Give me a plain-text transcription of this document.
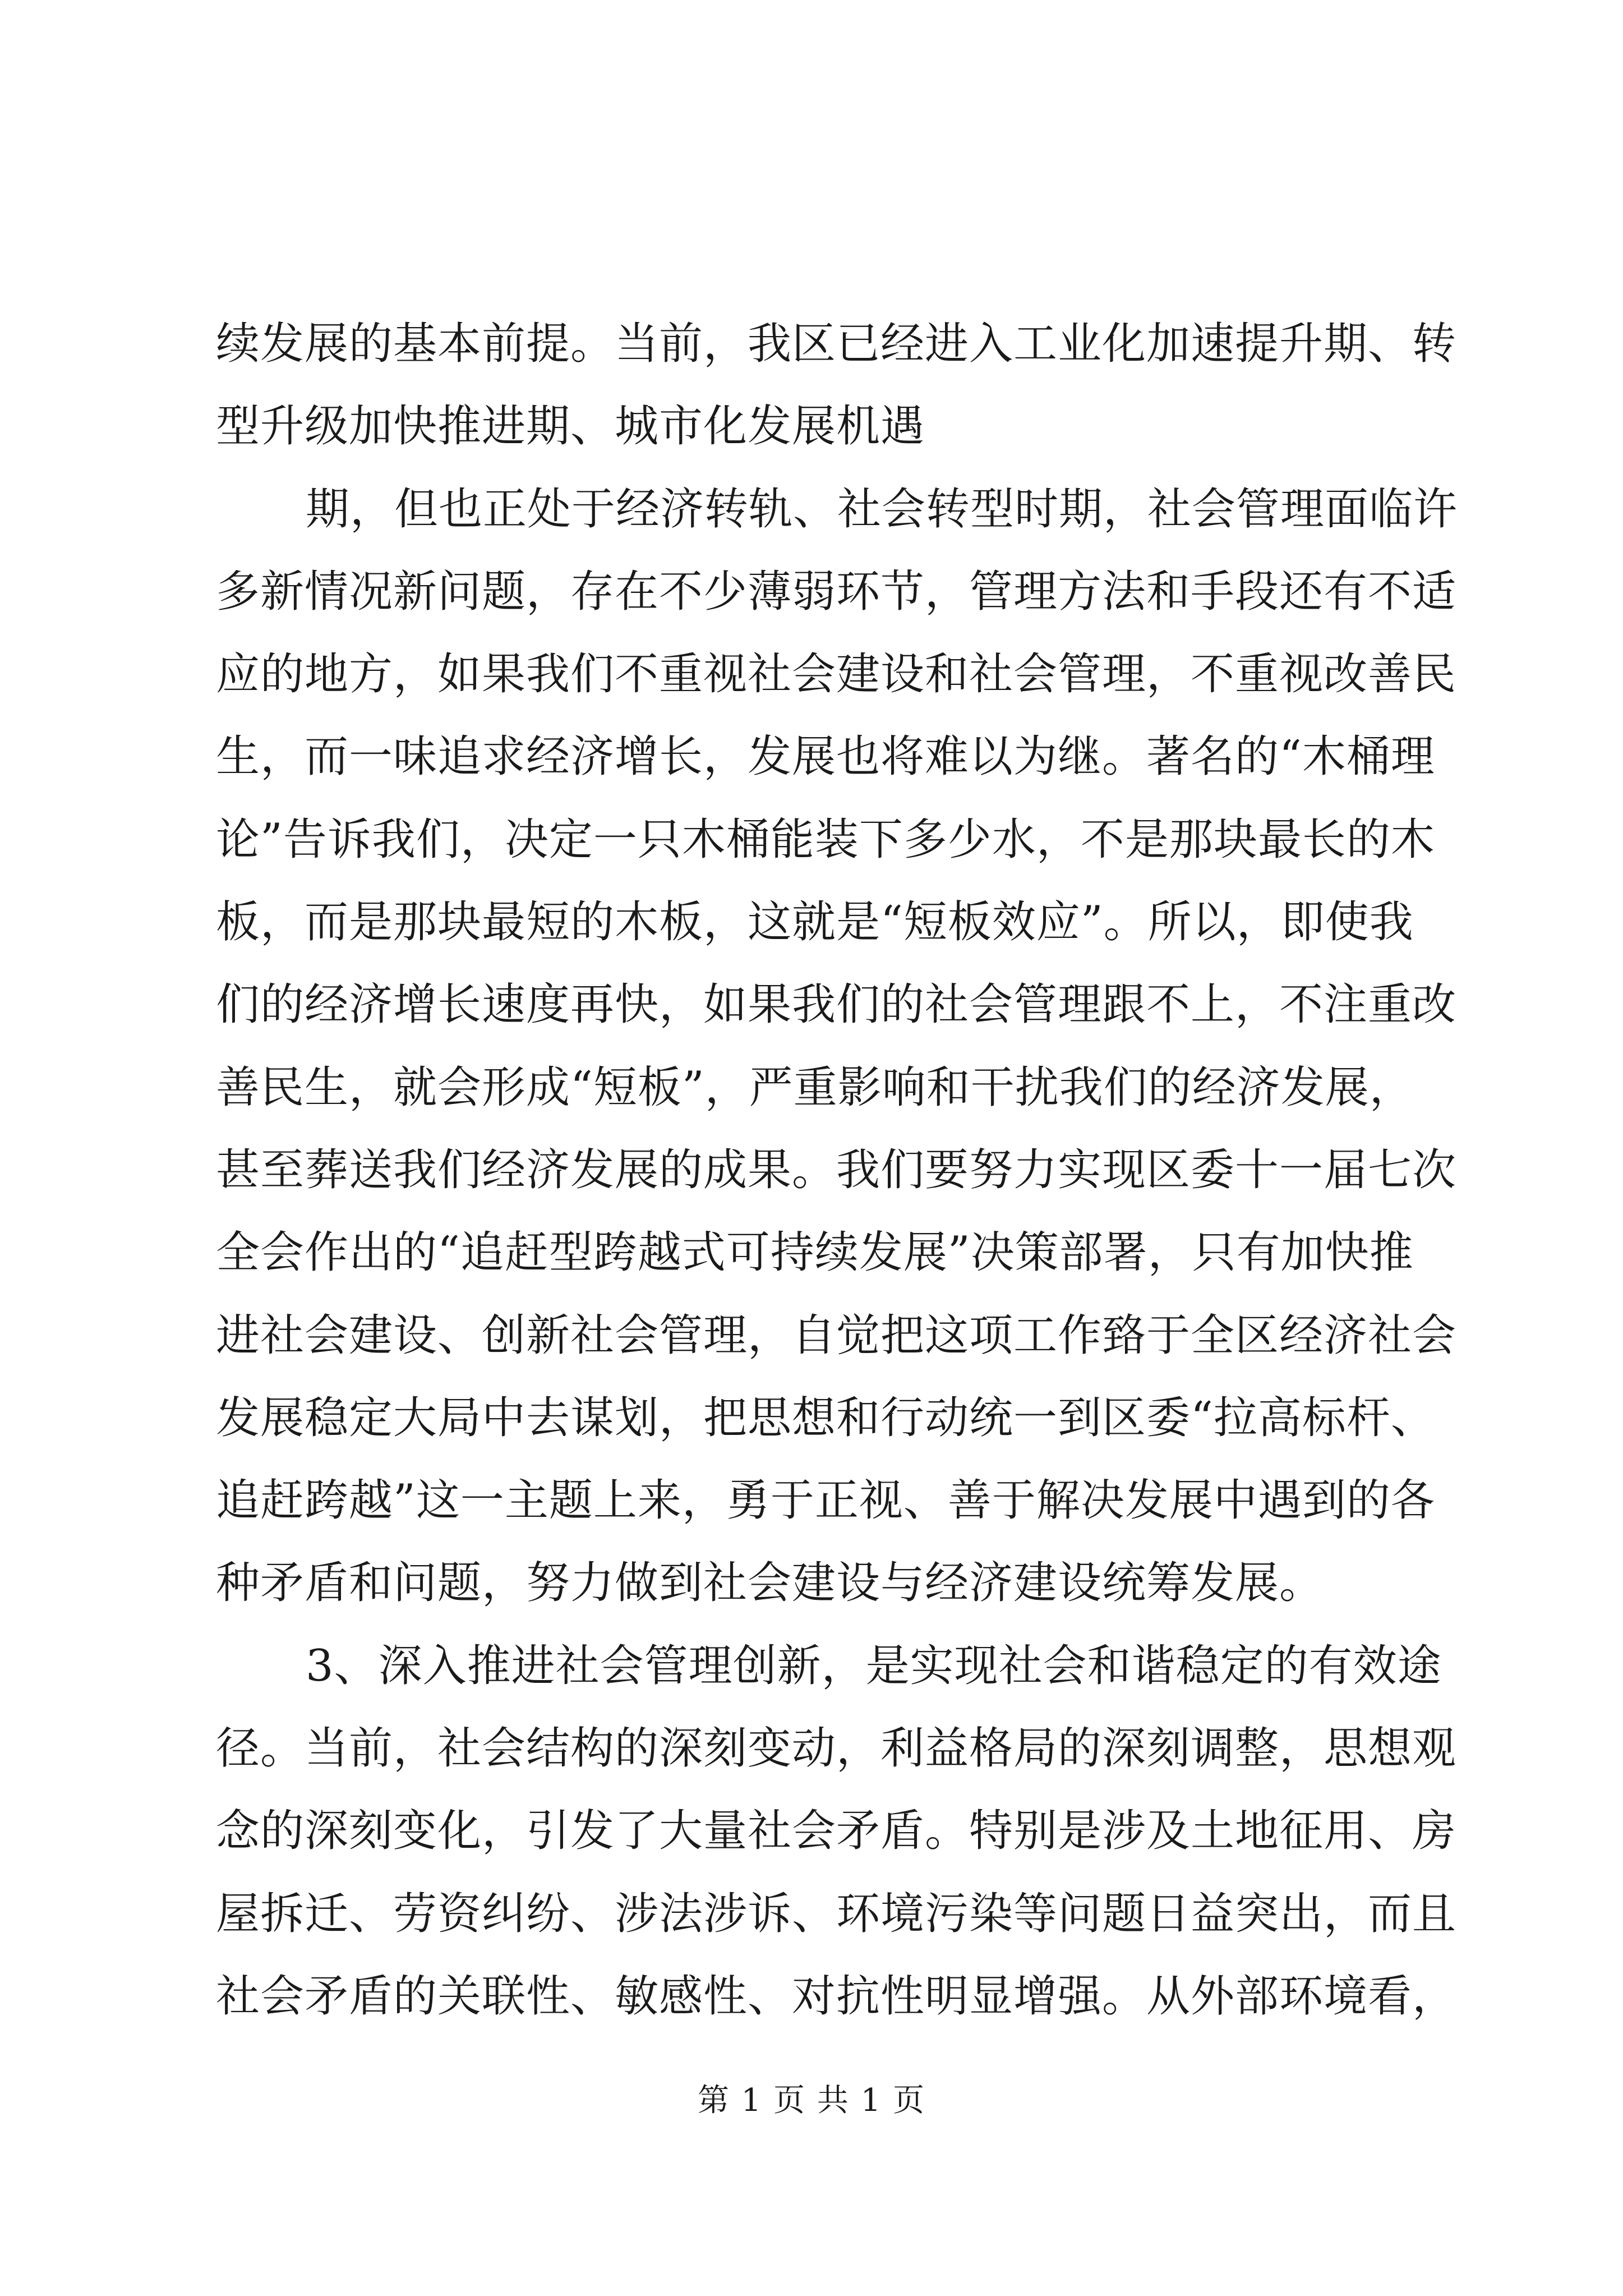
续发展的基本前提。当前，我区已经进入工业化加速提升期、转
型升级加快推进期、城市化发展机遇
期，但也正处于经济转轨、社会转型时期，社会管理面临许
多新情况新问题，存在不少薄弱环节，管理方法和手段还有不适
应的地方，如果我们不重视社会建设和社会管理，不重视改善民
生，而一味追求经济增长，发展也将难以为继。著名的“木桶理
论”告诉我们，决定一只木桶能装下多少水，不是那块最长的木
板，而是那块最短的木板，这就是“短板效应”。所以，即使我
们的经济增长速度再快，如果我们的社会管理跟不上，不注重改
善民生，就会形成“短板”，严重影响和干扰我们的经济发展，
甚至葬送我们经济发展的成果。我们要努力实现区委十一届七次
全会作出的“追赶型跨越式可持续发展”决策部署，只有加快推
进社会建设、创新社会管理，自觉把这项工作臵于全区经济社会
发展稳定大局中去谋划，把思想和行动统一到区委“拉高标杆、
追赶跨越”这一主题上来，勇于正视、善于解决发展中遇到的各
种矛盾和问题，努力做到社会建设与经济建设统筹发展。
3、深入推进社会管理创新，是实现社会和谐稳定的有效途
径。当前，社会结构的深刻变动，利益格局的深刻调整，思想观
念的深刻变化，引发了大量社会矛盾。特别是涉及土地征用、房
屋拆迁、劳资纠纷、涉法涉诉、环境污染等问题日益突出，而且
社会矛盾的关联性、敏感性、对抗性明显增强。从外部环境看，
第 1 页 共 1 页
